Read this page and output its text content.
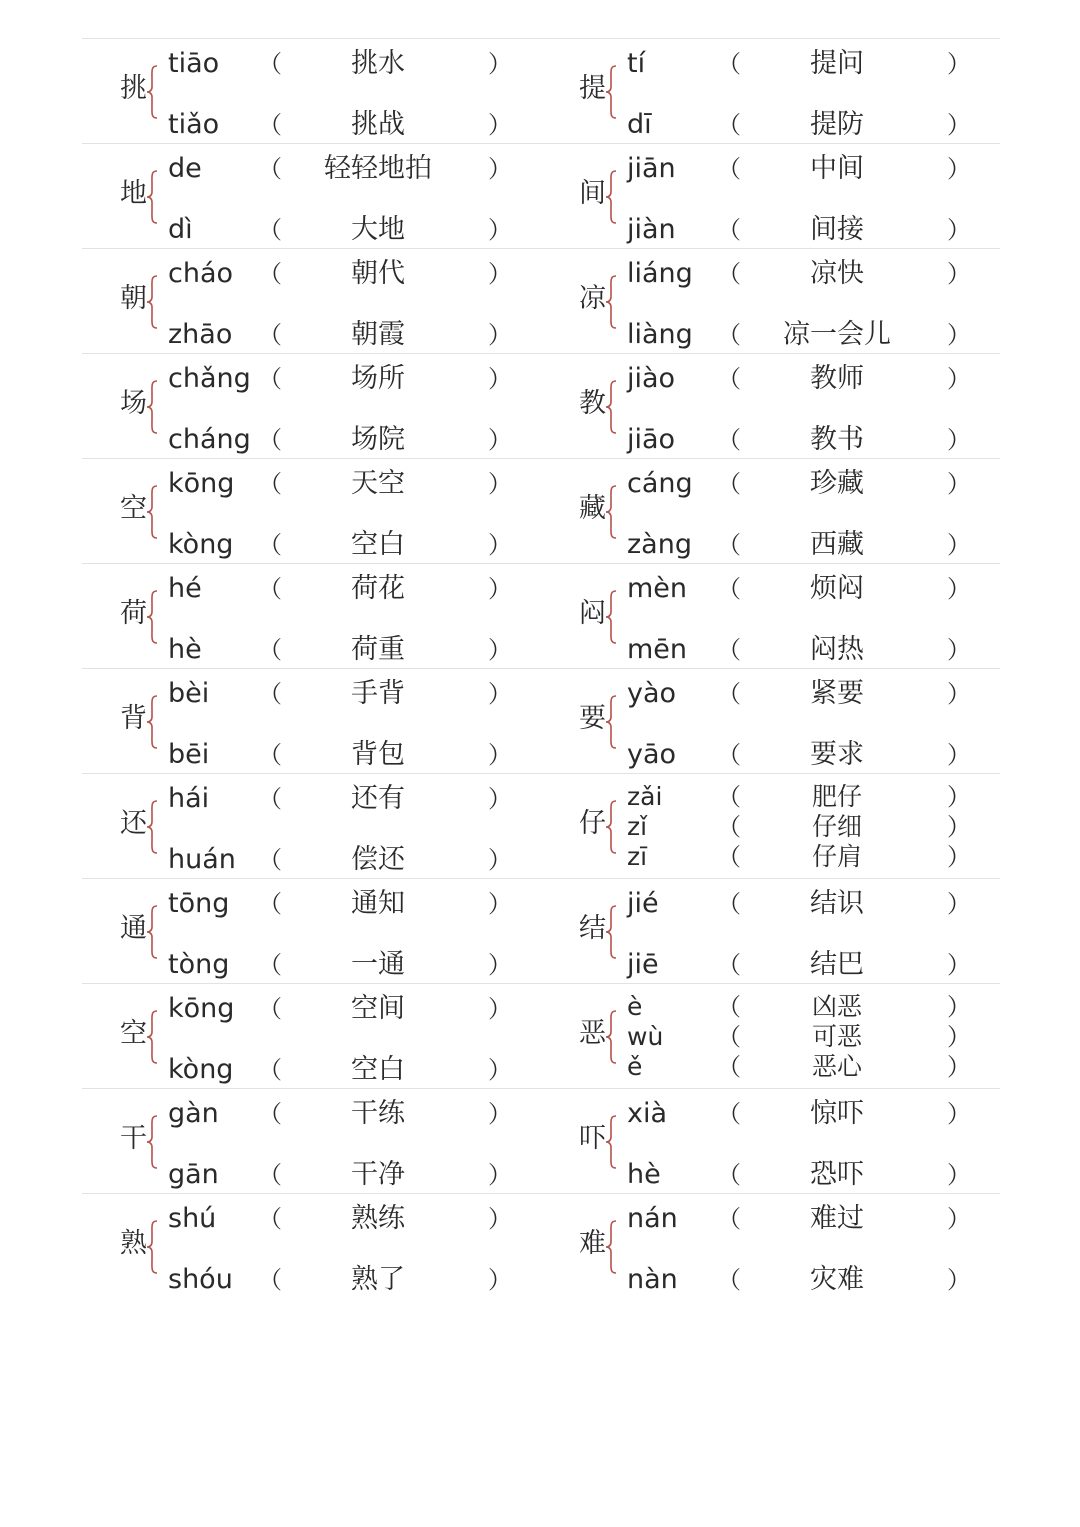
挑
tiāo （	挑水	）
tiǎo （	挑战	）
提
tí	（	提问	）
dī	（	提防	）
地
de （	轻轻地拍	）
dì	（	大地	）
间
jiān （	中间	）
jiàn （	间接	）
朝
cháo （	朝代	）
zhāo （	朝霞	）
凉
liáng （	凉快	）
liàng （	凉一会儿	）
场
chǎng （	场所	）
cháng （	场院	）
教
jiào （	教师	）
jiāo （	教书	）
空
kōng （	天空	）
kòng （	空白	）
藏
cáng （	珍藏	）
zàng （	西藏	）
荷
hé （	荷花	）
hè （	荷重	）
闷
mèn （	烦闷	）
mēn （	闷热	）
背
bèi （	手背	）
bēi （	背包	）
要
yào （	紧要	）
yāo （	要求	）
还
hái （	还有	）
huán （	偿还	）
仔
zǎi （	肥仔	）
zǐ	（	仔细	）
zī	（	仔肩	）
通
tōng （	通知	）
tòng （	一通	）
结
jié （	结识	）
jiē （	结巴	）
空
kōng （	空间	）
kòng （	空白	）
恶
è	（	凶恶	）
wù （	可恶	）
ě	（	恶心	）
干
gàn （	干练	）
gān （	干净	）
吓
xià （	惊吓	）
hè （	恐吓	）
熟
shú （	熟练	）
shóu （	熟了	）
难
nán （	难过	）
nàn （	灾难	）
